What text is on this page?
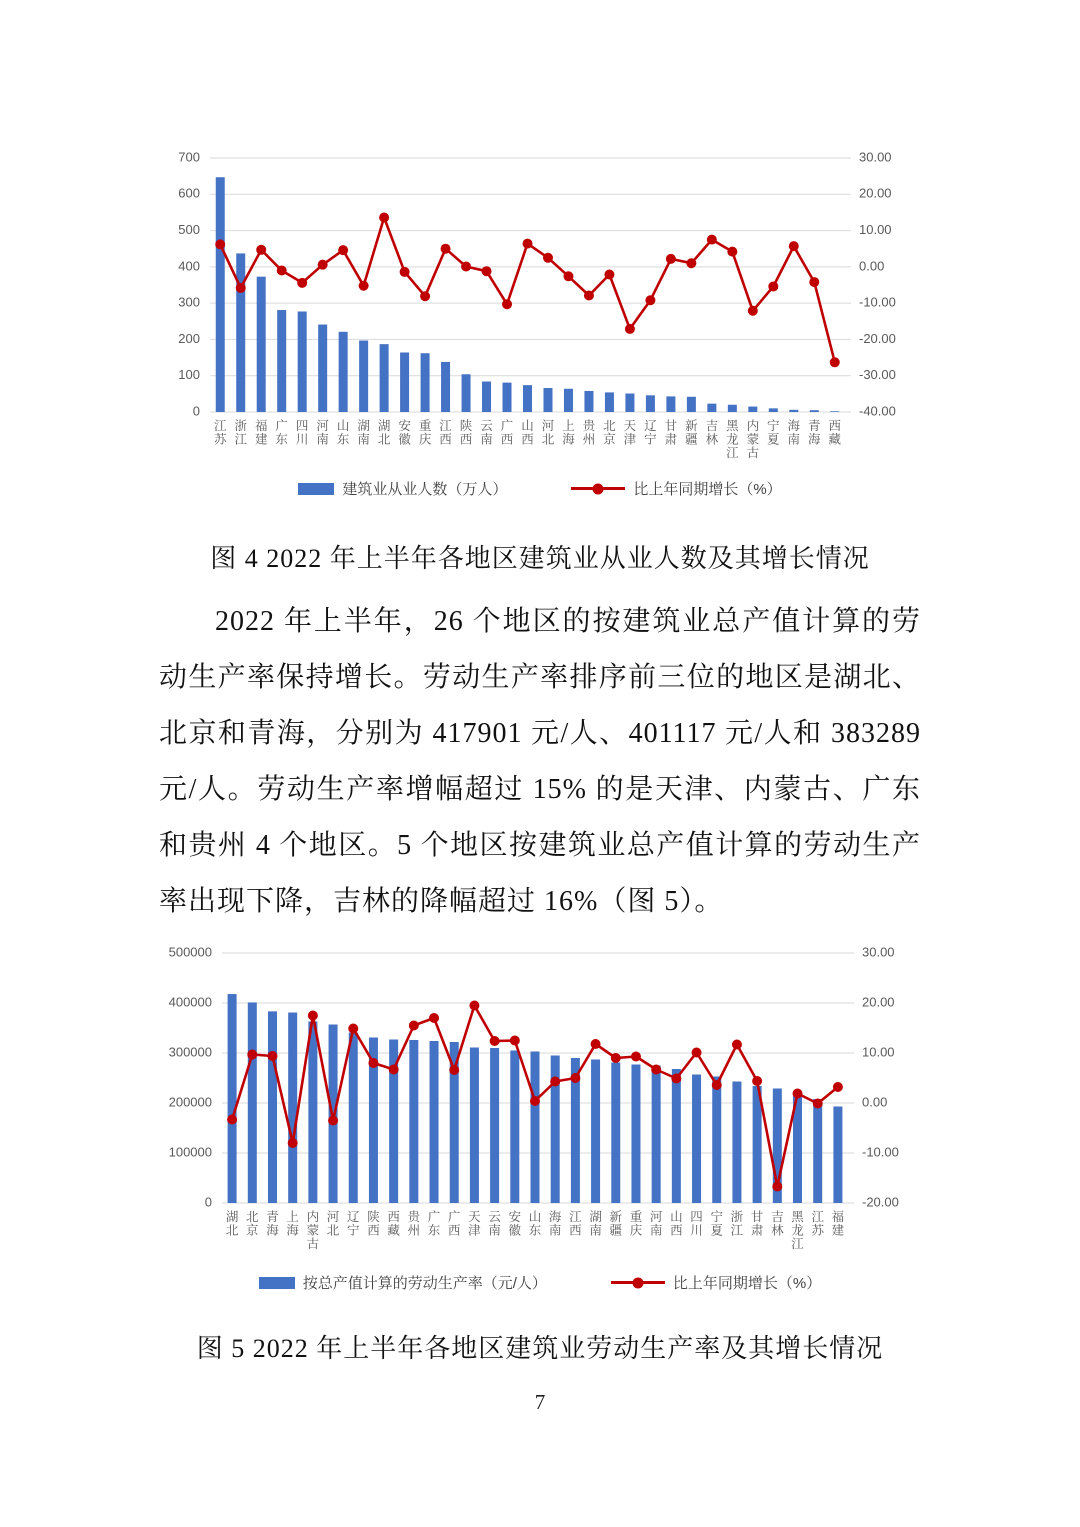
700
600
500
400
300
200
100
0
30.00
20.00
10.00
0.00
-10.00
-20.00
-30.00
-40.00
江苏
浙江
福建
广东
四川
河南
山东
湖南
湖北
安徽
重庆
江西
陕西
云南
广西
山西
河北
上海
贵州
北京
天津
辽宁
甘肃
新疆
吉林
黑龙江
内蒙古
宁夏
海南
青海
西藏
建筑业从业人数（万人）	比上年同期增长（%）
图 4 2022 年上半年各地区建筑业从业人数及其增长情况
2022 年上半年，26 个地区的按建筑业总产值计算的劳
动生产率保持增长。劳动生产率排序前三位的地区是湖北、
北京和青海，分别为 417901 元/人、401117 元/人和 383289
元/人。劳动生产率增幅超过 15% 的是天津、内蒙古、广东
和贵州 4 个地区。5 个地区按建筑业总产值计算的劳动生产
率出现下降，吉林的降幅超过 16%（图 5）。
500000
400000
300000
200000
100000
0
30.00
20.00
10.00
0.00
-10.00
-20.00
湖北
北京
青海
上海
内蒙古
河北
辽宁
陕西
西藏
贵州
广东
广西
天津
云南
安徽
山东
海南
江西
湖南
新疆
重庆
河南
山西
四川
宁夏
浙江
甘肃
吉林
黑龙江
江苏
福建
按总产值计算的劳动生产率（元/人）	比上年同期增长（%）
图 5 2022 年上半年各地区建筑业劳动生产率及其增长情况
7
